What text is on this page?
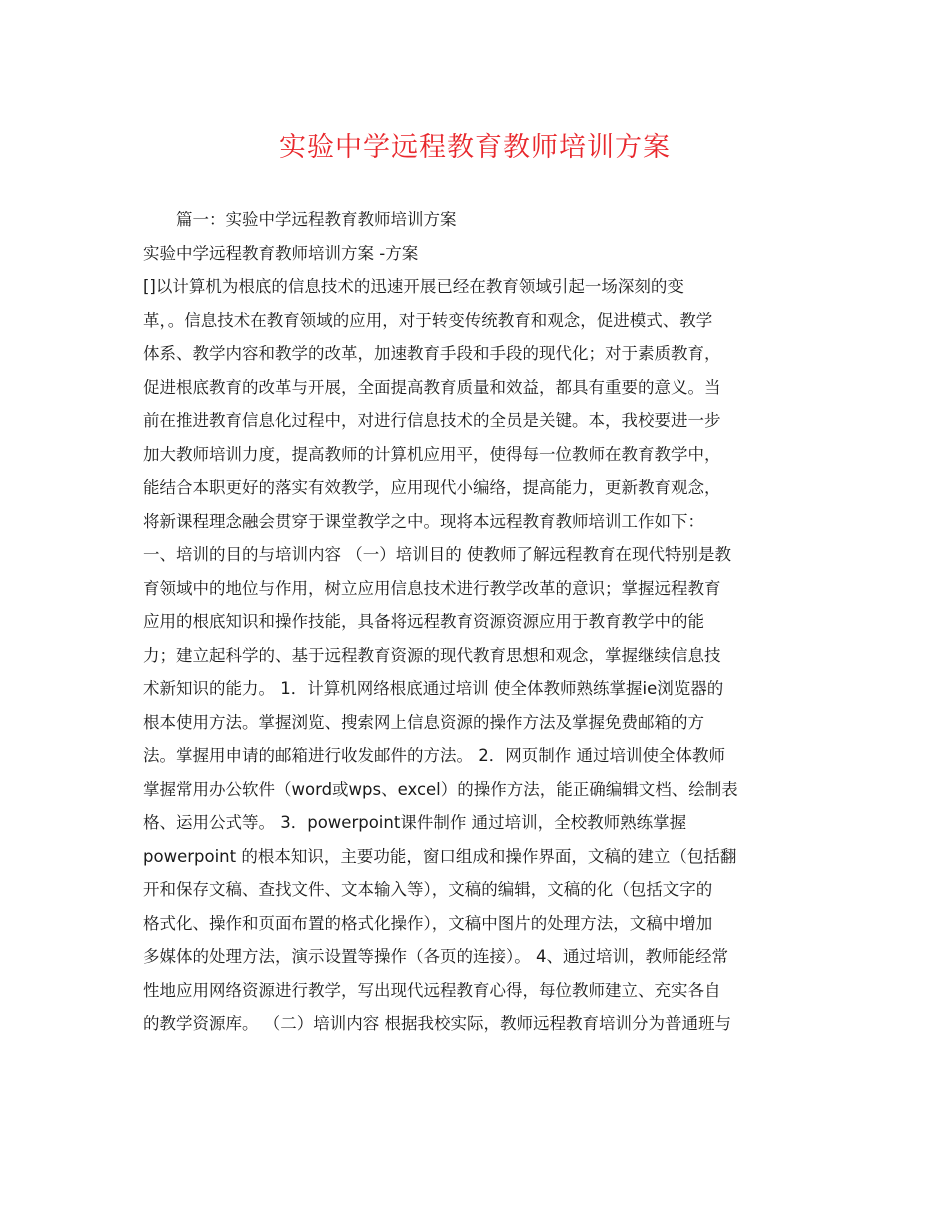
实验中学远程教育教师培训方案
篇一：实验中学远程教育教师培训方案
实验中学远程教育教师培训方案 -方案
[]以计算机为根底的信息技术的迅速开展已经在教育领域引起一场深刻的变
革，。信息技术在教育领域的应用，对于转变传统教育和观念，促进模式、教学
体系、教学内容和教学的改革，加速教育手段和手段的现代化；对于素质教育，
促进根底教育的改革与开展，全面提高教育质量和效益，都具有重要的意义。当
前在推进教育信息化过程中，对进行信息技术的全员是关键。本，我校要进一步
加大教师培训力度，提高教师的计算机应用平，使得每一位教师在教育教学中，
能结合本职更好的落实有效教学，应用现代小编络，提高能力，更新教育观念，
将新课程理念融会贯穿于课堂教学之中。现将本远程教育教师培训工作如下：
一、培训的目的与培训内容 （一）培训目的 使教师了解远程教育在现代特别是教
育领域中的地位与作用，树立应用信息技术进行教学改革的意识；掌握远程教育
应用的根底知识和操作技能，具备将远程教育资源资源应用于教育教学中的能
力；建立起科学的、基于远程教育资源的现代教育思想和观念，掌握继续信息技
术新知识的能力。 1．计算机网络根底通过培训 使全体教师熟练掌握ie浏览器的
根本使用方法。掌握浏览、搜索网上信息资源的操作方法及掌握免费邮箱的方
法。掌握用申请的邮箱进行收发邮件的方法。 2．网页制作 通过培训使全体教师
掌握常用办公软件（word或wps、excel）的操作方法，能正确编辑文档、绘制表
格、运用公式等。 3．powerpoint课件制作 通过培训，全校教师熟练掌握
powerpoint 的根本知识，主要功能，窗口组成和操作界面，文稿的建立（包括翻
开和保存文稿、查找文件、文本输入等），文稿的编辑，文稿的化（包括文字的
格式化、操作和页面布置的格式化操作），文稿中图片的处理方法，文稿中增加
多媒体的处理方法，演示设置等操作（各页的连接）。 4、通过培训，教师能经常
性地应用网络资源进行教学，写出现代远程教育心得，每位教师建立、充实各自
的教学资源库。 （二）培训内容 根据我校实际，教师远程教育培训分为普通班与
